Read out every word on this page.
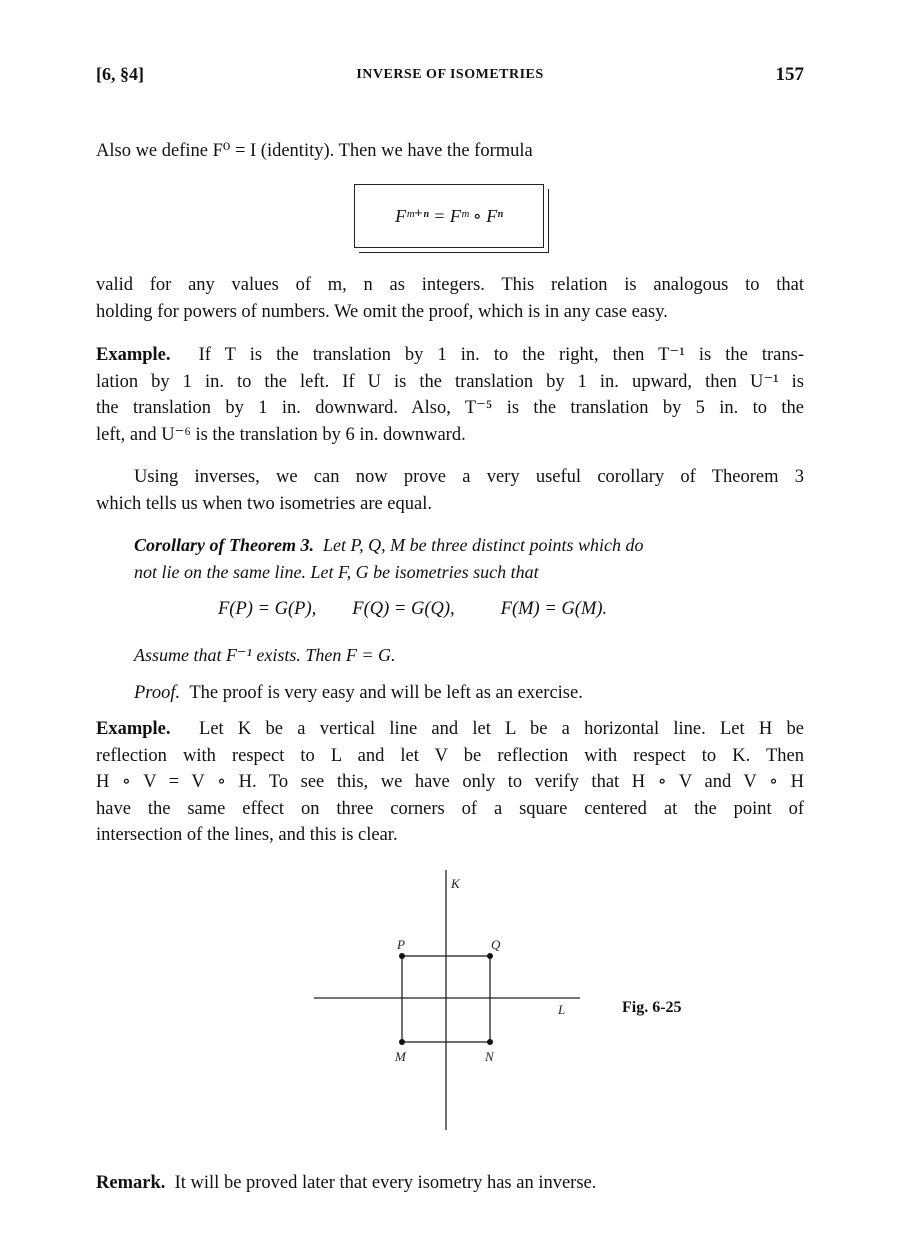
[6, §4]	INVERSE OF ISOMETRIES	157
Also we define F⁰ = I (identity). Then we have the formula
Fᵐ⁺ⁿ = Fᵐ ∘ Fⁿ
valid for any values of m, n as integers. This relation is analogous to that
holding for powers of numbers. We omit the proof, which is in any case easy.
Example. If T is the translation by 1 in. to the right, then T⁻¹ is the trans-
lation by 1 in. to the left. If U is the translation by 1 in. upward, then U⁻¹ is
the translation by 1 in. downward. Also, T⁻⁵ is the translation by 5 in. to the
left, and U⁻⁶ is the translation by 6 in. downward.
Using inverses, we can now prove a very useful corollary of Theorem 3
which tells us when two isometries are equal.
Corollary of Theorem 3. Let P, Q, M be three distinct points which do
not lie on the same line. Let F, G be isometries such that
F(P) = G(P), F(Q) = G(Q), F(M) = G(M).
Assume that F⁻¹ exists. Then F = G.
Proof. The proof is very easy and will be left as an exercise.
Example. Let K be a vertical line and let L be a horizontal line. Let H be
reflection with respect to L and let V be reflection with respect to K. Then
H ∘ V = V ∘ H. To see this, we have only to verify that H ∘ V and V ∘ H
have the same effect on three corners of a square centered at the point of
intersection of the lines, and this is clear.
K
L
P	Q
M	N
Fig. 6-25
Remark. It will be proved later that every isometry has an inverse.
